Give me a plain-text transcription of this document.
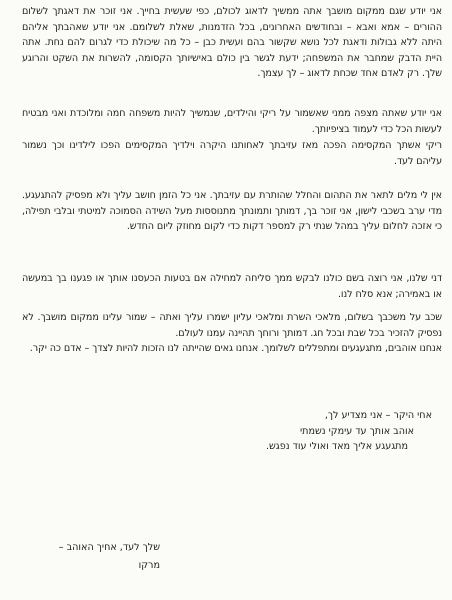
אני יודע שגם ממקום מושבך אתה ממשיך לדאוג לכולם, כפי שעשית בחייך. אני זוכר את דאגתך לשלום ההורים – אמא ואבא – ובחודשים האחרונים, בכל הזדמנות, שאלת לשלומם. אני יודע שאהבתך אליהם היתה ללא גבולות ודאגת לכל נושא שקשור בהם ועשית כבן – כל מה שיכולת כדי לגרום להם נחת. אתה היית הדבק שמחבר את המשפחה; ידעת לגשר בין כולם באישיותך הקסומה, להשרות את השקט והרוגע שלך. רק לאדם אחד שכחת לדאוג – לך עצמך.

אני יודע שאתה מצפה ממני שאשמור על ריקי והילדים, שנמשיך להיות משפחה חמה ומלוכדת ואני מבטיח לעשות הכל כדי לעמוד בציפיותך.

ריקי אשתך המקסימה הפכה מאז עזיבתך לאחותנו היקרה וילדיך המקסימים הפכו לילדינו וכך נשמור עליהם לעד.

אין לי מלים לתאר את התהום והחלל שהותרת עם עזיבתך. אני כל הזמן חושב עליך ולא מפסיק להתגעגע. מדי ערב בשכבי לישון, אני זוכר בך, דמותך ותמונתך מתנוססות מעל השידה הסמוכה למיטתי ובלבי תפילה, כי אזכה לחלום עליך במהל שנתי רק למספר דקות כדי לקום מחוזק ליום החדש.

דני שלנו, אני רוצה בשם כולנו לבקש ממך סליחה למחילה אם בטעות הכעסנו אותך או פגענו בך במעשה או באמירה; אנא סלח לנו.

שכב על משכבך בשלום, מלאכי השרת ומלאכי עליון ישמרו עליך ואתה – שמור עלינו ממקום מושבך. לא נפסיק להזכיר בכל שבת ובכל חג. דמותך ורוחך תהיינה עמנו לעולם.

אנחנו אוהבים, מתגעגעים ומתפללים לשלומך. אנחנו גאים שהייתה לנו הזכות להיות לצדך – אדם כה יקר.

אחי היקר – אני מצדיע לך,
אוהב אותך עד עימקי נשמתי
מתגעגע אליך מאד ואולי עוד נפגש.
שלך לעד, אחיך האוהב –
מרקו
